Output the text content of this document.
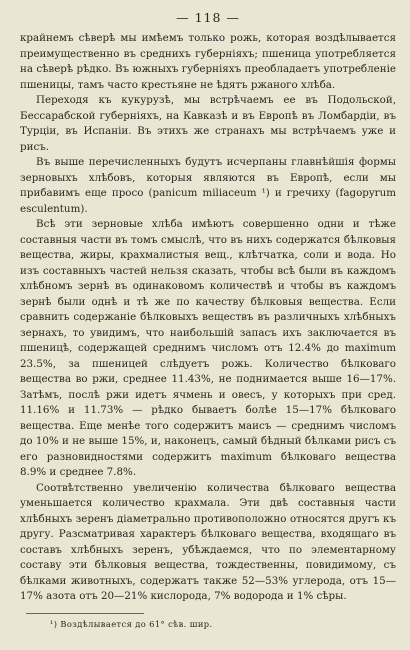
— 118 —

крайнемъ сѣверѣ мы имѣемъ только рожь, которая воздѣлывается преимущественно въ среднихъ губерніяхъ; пшеница употребляется на сѣверѣ рѣдко. Въ южныхъ губерніяхъ преобладаетъ употребленіе пшеницы, тамъ часто крестьяне не ѣдятъ ржаного хлѣба.

Переходя къ кукурузѣ, мы встрѣчаемъ ее въ Подольской, Бессарабской губерніяхъ, на Кавказѣ и въ Европѣ въ Ломбардіи, въ Турціи, въ Испаніи. Въ этихъ же странахъ мы встрѣчаемъ уже и рисъ.

Въ выше перечисленныхъ будутъ исчерпаны главнѣйшія формы зерновыхъ хлѣбовъ, которыя являются въ Европѣ, если мы прибавимъ еще просо (panicum miliaceum ¹) и гречиху (fagopyrum esculentum).

Всѣ эти зерновые хлѣба имѣютъ совершенно одни и тѣже составныя части въ томъ смыслѣ, что въ нихъ содержатся бѣлковыя вещества, жиры, крахмалистыя вещ., клѣтчатка, соли и вода. Но изъ составныхъ частей нельзя сказать, чтобы всѣ были въ каждомъ хлѣбномъ зернѣ въ одинаковомъ количествѣ и чтобы въ каждомъ зернѣ были однѣ и тѣ же по качеству бѣлковыя вещества. Если сравнить содержаніе бѣлковыхъ веществъ въ различныхъ хлѣбныхъ зернахъ, то увидимъ, что наибольшій запасъ ихъ заключается въ пшеницѣ, содержащей среднимъ числомъ отъ 12.4% до maximum 23.5%, за пшеницей слѣдуетъ рожь. Количество бѣлковаго вещества во ржи, среднее 11.43%, не поднимается выше 16—17%. Затѣмъ, послѣ ржи идетъ ячмень и овесъ, у которыхъ при сред. 11.16% и 11.73% — рѣдко бываетъ болѣе 15—17% бѣлковаго вещества. Еще менѣе того содержитъ маисъ — среднимъ числомъ до 10% и не выше 15%, и, наконецъ, самый бѣдный бѣлками рисъ съ его разновидностями содержитъ maximum бѣлковаго вещества 8.9% и среднее 7.8%.

Соотвѣтственно увеличенію количества бѣлковаго вещества уменьшается количество крахмала. Эти двѣ составныя части хлѣбныхъ зеренъ діаметрально противоположно относятся другъ къ другу. Разсматривая характеръ бѣлковаго вещества, входящаго въ составъ хлѣбныхъ зеренъ, убѣждаемся, что по элементарному составу эти бѣлковыя вещества, тождественны, повидимому, съ бѣлками животныхъ, содержатъ также 52—53% углерода, отъ 15—17% азота отъ 20—21% кислорода, 7% водорода и 1% сѣры.

¹) Воздѣлывается до 61° сѣв. шир.
